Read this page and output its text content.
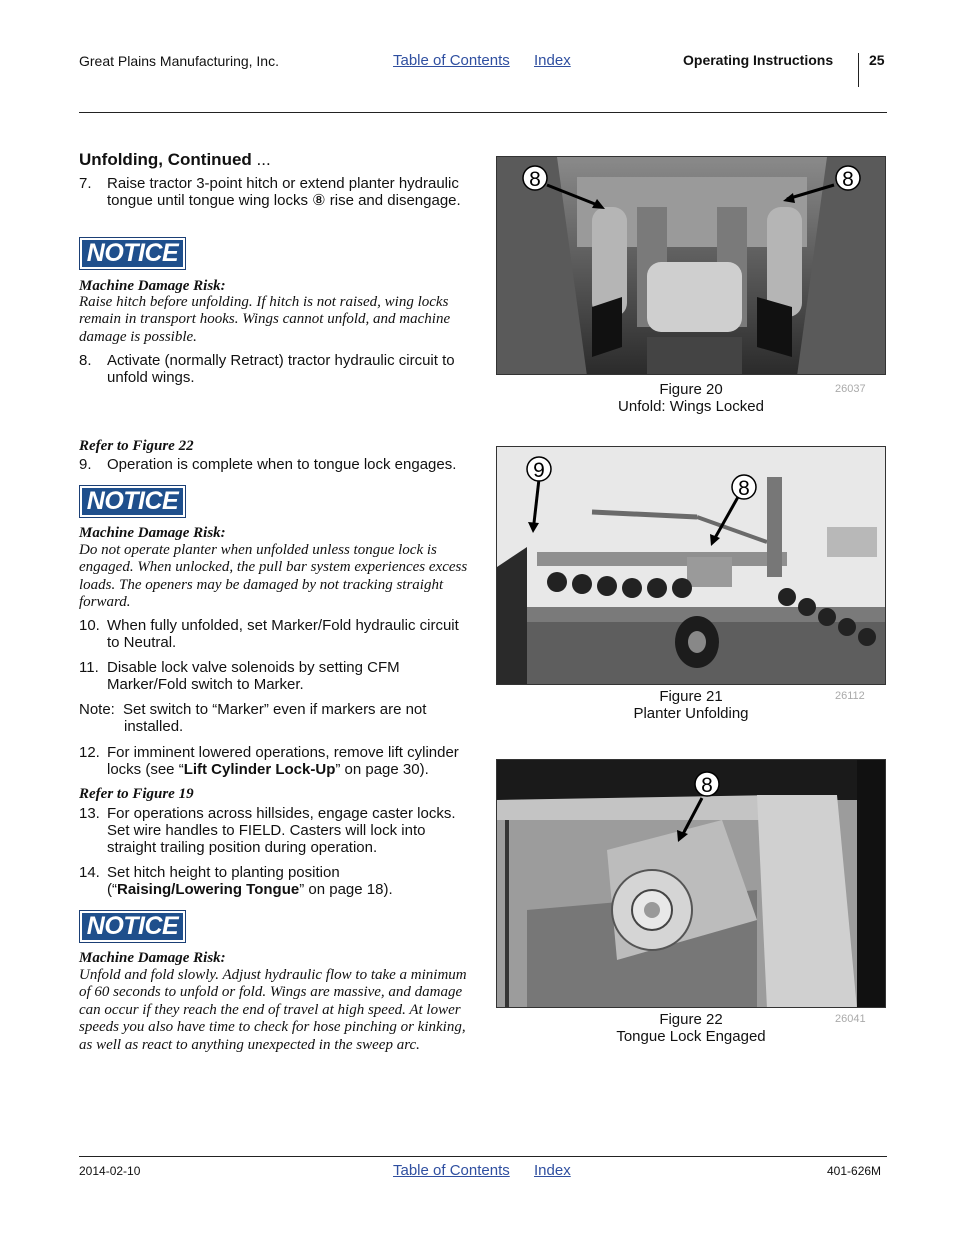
Great Plains Manufacturing, Inc.	Table of Contents Index	Operating Instructions	25
Unfolding, Continued ...
7. Raise tractor 3-point hitch or extend planter hydraulic tongue until tongue wing locks ⑧ rise and disengage.
NOTICE
Machine Damage Risk:
Raise hitch before unfolding. If hitch is not raised, wing locks remain in transport hooks. Wings cannot unfold, and machine damage is possible.
8. Activate (normally Retract) tractor hydraulic circuit to unfold wings.
Refer to Figure 22
9. Operation is complete when to tongue lock engages.
NOTICE
Machine Damage Risk:
Do not operate planter when unfolded unless tongue lock is engaged. When unlocked, the pull bar system experiences excess loads. The openers may be damaged by not tracking straight forward.
10. When fully unfolded, set Marker/Fold hydraulic circuit to Neutral.
11. Disable lock valve solenoids by setting CFM Marker/Fold switch to Marker.
Note: Set switch to “Marker” even if markers are not installed.
12. For imminent lowered operations, remove lift cylinder locks (see “Lift Cylinder Lock-Up” on page 30).
Refer to Figure 19
13. For operations across hillsides, engage caster locks. Set wire handles to FIELD. Casters will lock into straight trailing position during operation.
14. Set hitch height to planting position (“Raising/Lowering Tongue” on page 18).
NOTICE
Machine Damage Risk:
Unfold and fold slowly. Adjust hydraulic flow to take a minimum of 60 seconds to unfold or fold. Wings are massive, and damage can occur if they reach the end of travel at high speed. At lower speeds you also have time to check for hose pinching or kinking, as well as react to anything unexpected in the sweep arc.
8	8
Figure 20
Unfold: Wings Locked
26037
9
8
Figure 21
Planter Unfolding
26112
8
Figure 22
Tongue Lock Engaged
26041
2014-02-10	Table of Contents Index	401-626M
